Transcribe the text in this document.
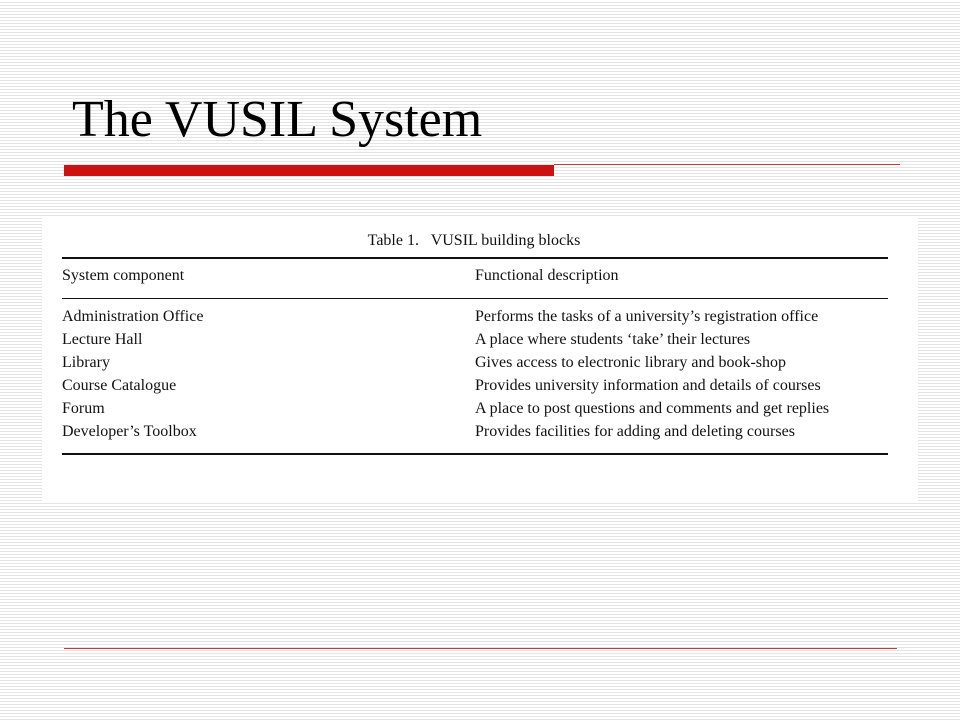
The VUSIL System
Table 1.   VUSIL building blocks
System component	Functional description
Administration Office	Performs the tasks of a university’s registration office
Lecture Hall	A place where students ‘take’ their lectures
Library	Gives access to electronic library and book-shop
Course Catalogue	Provides university information and details of courses
Forum	A place to post questions and comments and get replies
Developer’s Toolbox	Provides facilities for adding and deleting courses
